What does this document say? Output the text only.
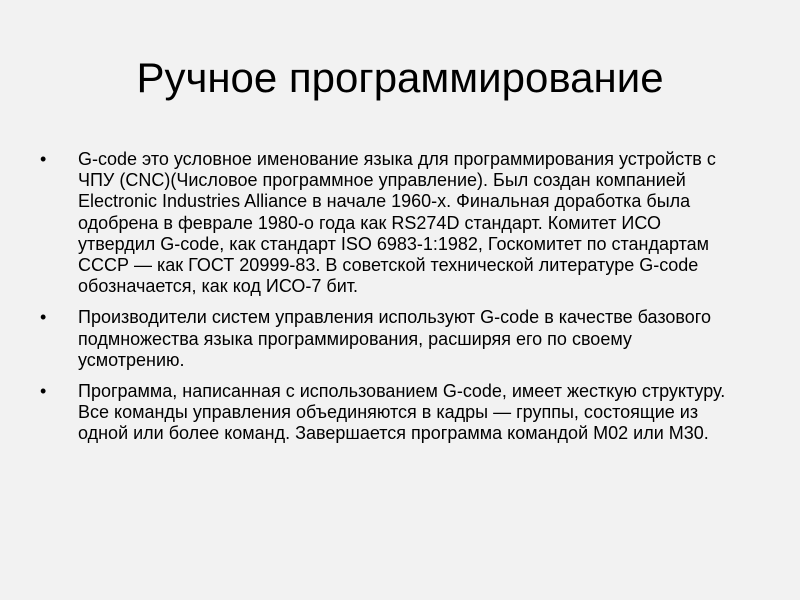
Ручное программирование
• G-code это условное именование языка для программирования устройств с ЧПУ (CNC)(Числовое программное управление). Был создан компанией Electronic Industries Alliance в начале 1960-х. Финальная доработка была одобрена в феврале 1980-о года как RS274D стандарт. Комитет ИСО утвердил G-code, как стандарт ISO 6983-1:1982, Госкомитет по стандартам СССР — как ГОСТ 20999-83. В советской технической литературе G-code обозначается, как код ИСО-7 бит.
• Производители систем управления используют G-code в качестве базового подмножества языка программирования, расширяя его по своему усмотрению.
• Программа, написанная с использованием G-code, имеет жесткую структуру. Все команды управления объединяются в кадры — группы, состоящие из одной или более команд. Завершается программа командой M02 или M30.
